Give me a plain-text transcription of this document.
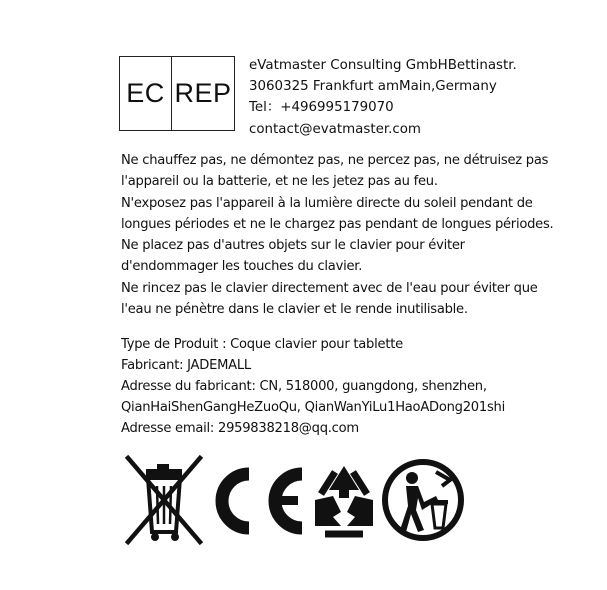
EC REP
eVatmaster Consulting GmbHBettinastr.
3060325 Frankfurt amMain,Germany
Tel：+496995179070
contact@evatmaster.com
Ne chauffez pas, ne démontez pas, ne percez pas, ne détruisez pas
l'appareil ou la batterie, et ne les jetez pas au feu.
N'exposez pas l'appareil à la lumière directe du soleil pendant de
longues périodes et ne le chargez pas pendant de longues périodes.
Ne placez pas d'autres objets sur le clavier pour éviter
d'endommager les touches du clavier.
Ne rincez pas le clavier directement avec de l'eau pour éviter que
l'eau ne pénètre dans le clavier et le rende inutilisable.
Type de Produit : Coque clavier pour tablette
Fabricant: JADEMALL
Adresse du fabricant: CN, 518000, guangdong, shenzhen,
QianHaiShenGangHeZuoQu, QianWanYiLu1HaoADong201shi
Adresse email: 2959838218@qq.com
